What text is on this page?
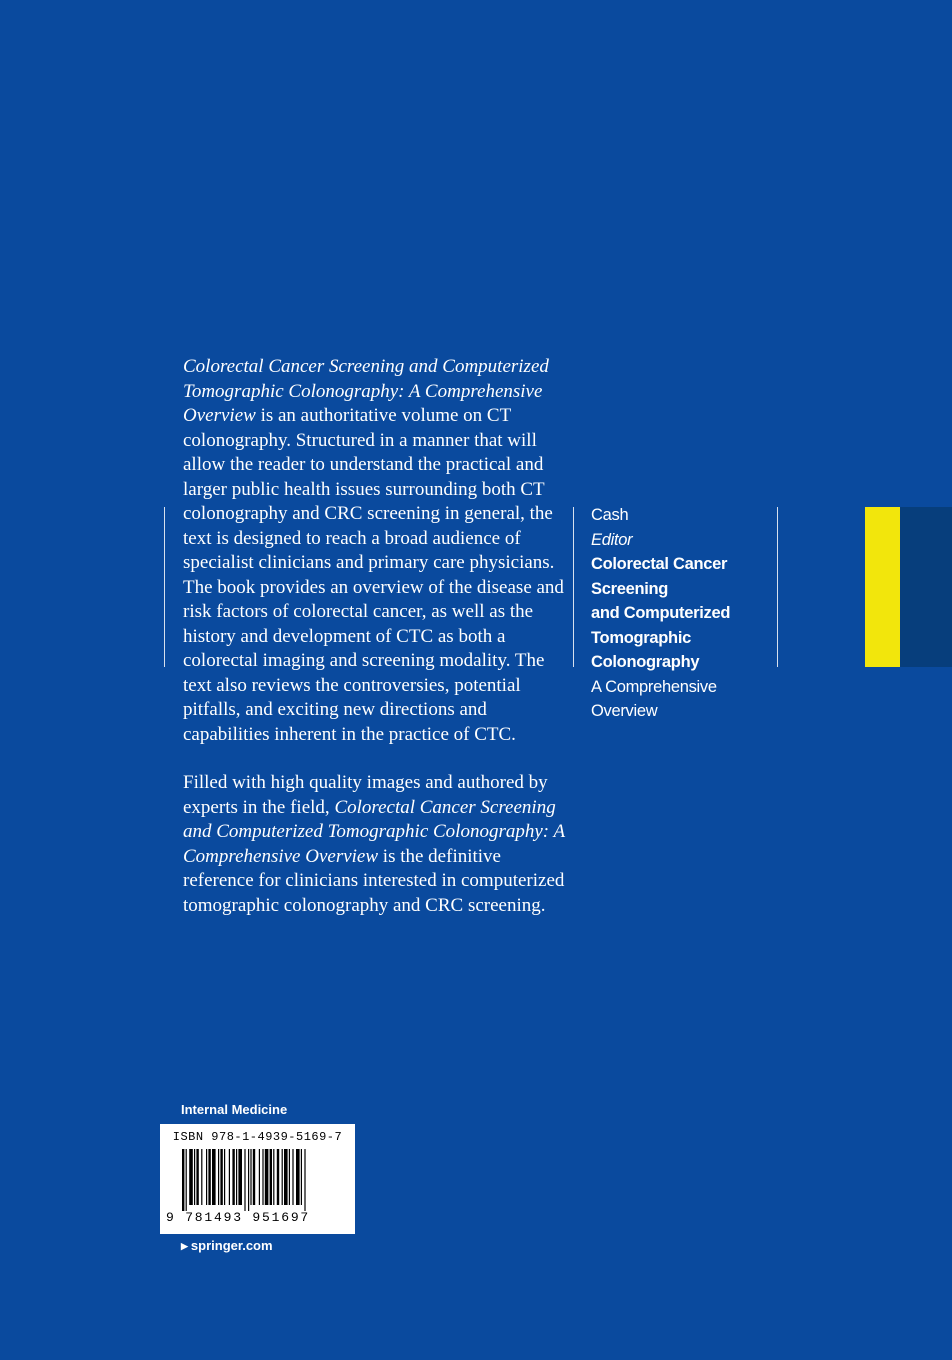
Colorectal Cancer Screening and Computerized Tomographic Colonography: A Comprehensive Overview is an authoritative volume on CT colonography. Structured in a manner that will allow the reader to understand the practical and larger public health issues surrounding both CT colonography and CRC screening in general, the text is designed to reach a broad audience of specialist clinicians and primary care physicians. The book provides an overview of the disease and risk factors of colorectal cancer, as well as the history and development of CTC as both a colorectal imaging and screening modality. The text also reviews the controversies, potential pitfalls, and exciting new directions and capabilities inherent in the practice of CTC.

Filled with high quality images and authored by experts in the field, Colorectal Cancer Screening and Computerized Tomographic Colonography: A Comprehensive Overview is the definitive reference for clinicians interested in computerized tomographic colonography and CRC screening.

Cash
Editor
Colorectal Cancer
Screening
and Computerized
Tomographic
Colonography
A Comprehensive
Overview
Internal Medicine
ISBN 978-1-4939-5169-7
9 781493 951697
▶ springer.com
